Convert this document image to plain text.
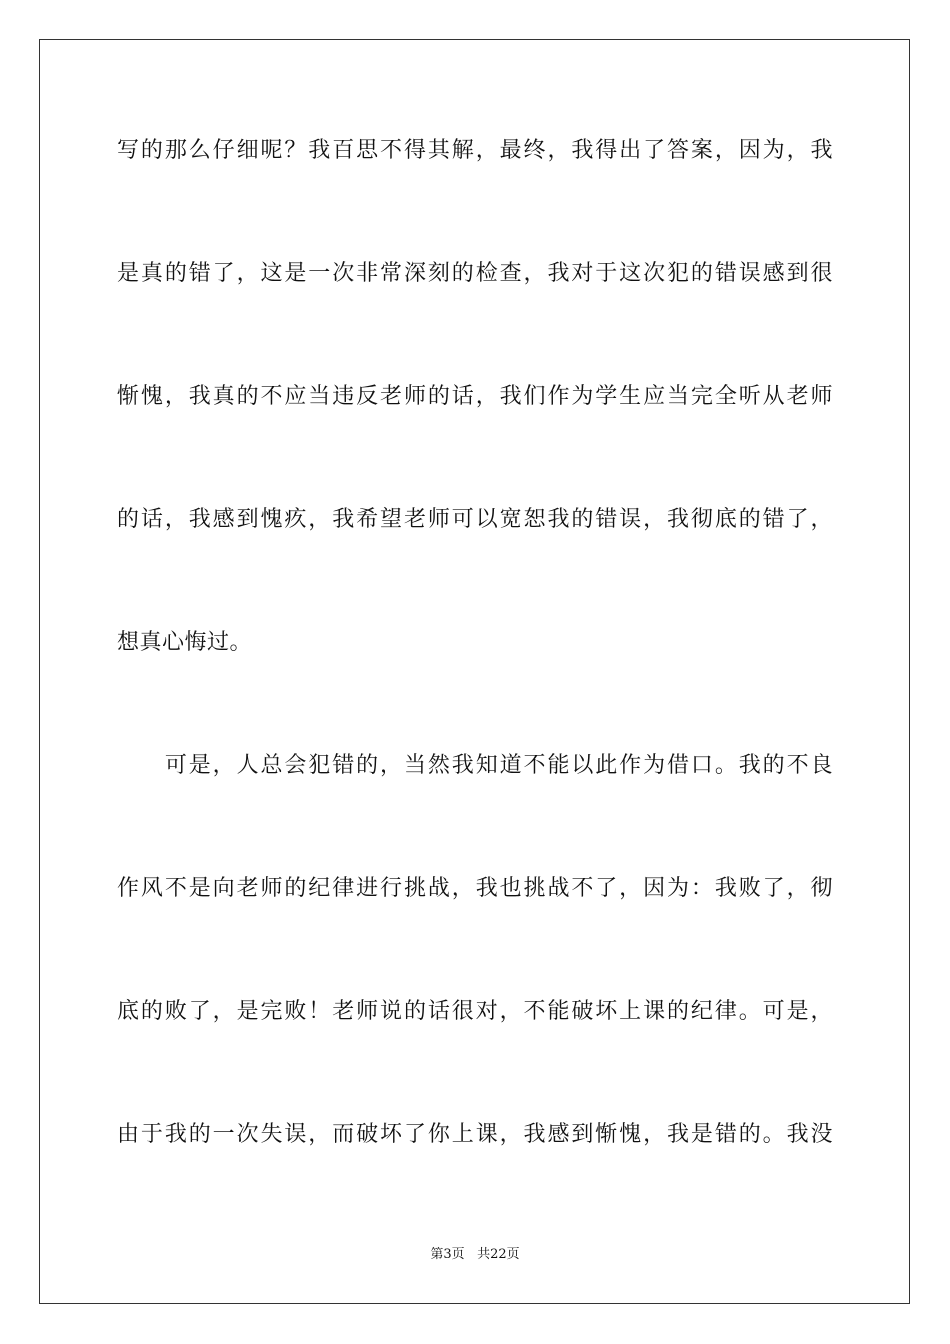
写的那么仔细呢？我百思不得其解，最终，我得出了答案，因为，我
是真的错了，这是一次非常深刻的检查，我对于这次犯的错误感到很
惭愧，我真的不应当违反老师的话，我们作为学生应当完全听从老师
的话，我感到愧疚，我希望老师可以宽恕我的错误，我彻底的错了，
想真心悔过。
　　可是，人总会犯错的，当然我知道不能以此作为借口。我的不良
作风不是向老师的纪律进行挑战，我也挑战不了，因为：我败了，彻
底的败了，是完败！老师说的话很对，不能破坏上课的纪律。可是，
由于我的一次失误，而破坏了你上课，我感到惭愧，我是错的。我没
第3页 共22页
